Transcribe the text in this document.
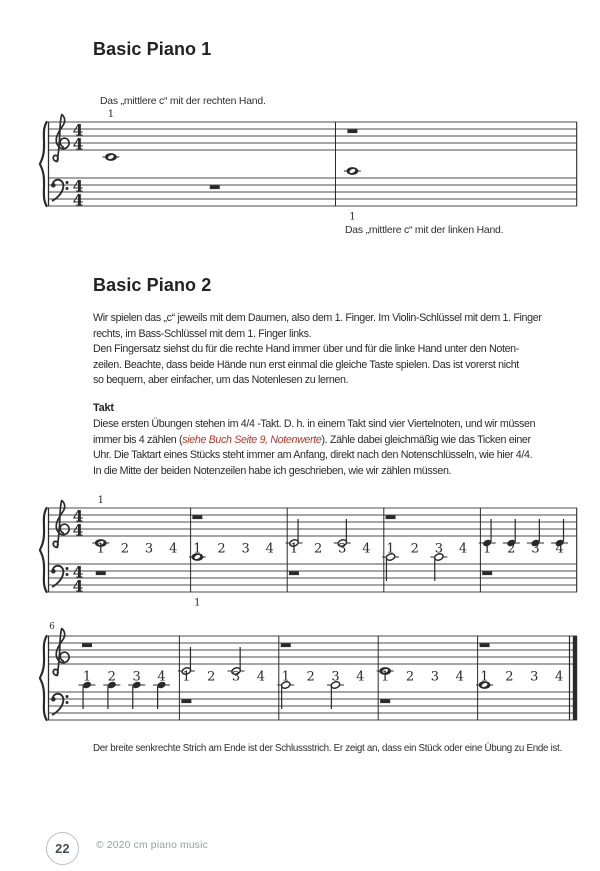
Basic Piano 1
Das „mittlere c“ mit der rechten Hand.
4
4
4
4
1
1
Das „mittlere c“ mit der linken Hand.
Basic Piano 2
Wir spielen das „c“ jeweils mit dem Daumen, also dem 1. Finger. Im Violin-Schlüssel mit dem 1. Finger
rechts, im Bass-Schlüssel mit dem 1. Finger links.
Den Fingersatz siehst du für die rechte Hand immer über und für die linke Hand unter den Noten-
zeilen. Beachte, dass beide Hände nun erst einmal die gleiche Taste spielen. Das ist vorerst nicht
so bequem, aber einfacher, um das Notenlesen zu lernen.
Takt
Diese ersten Übungen stehen im 4/4 -Takt. D. h. in einem Takt sind vier Viertelnoten, und wir müssen
immer bis 4 zählen (siehe Buch Seite 9, Notenwerte). Zähle dabei gleichmäßig wie das Ticken einer
Uhr. Die Taktart eines Stücks steht immer am Anfang, direkt nach den Notenschlüsseln, wie hier 4/4.
In die Mitte der beiden Notenzeilen habe ich geschrieben, wie wir zählen müssen.
4
4
4
4
1 2 3 4
1
1 2 3 4
1
1 2 3 4 1 2 3 4 1 2 3 4
6
1 2 3 4 1 2 3 4 1 2 3 4 1 2 3 4 1 2 3 4
Der breite senkrechte Strich am Ende ist der Schlussstrich. Er zeigt an, dass ein Stück oder eine Übung zu Ende ist.
22	© 2020 cm piano music
